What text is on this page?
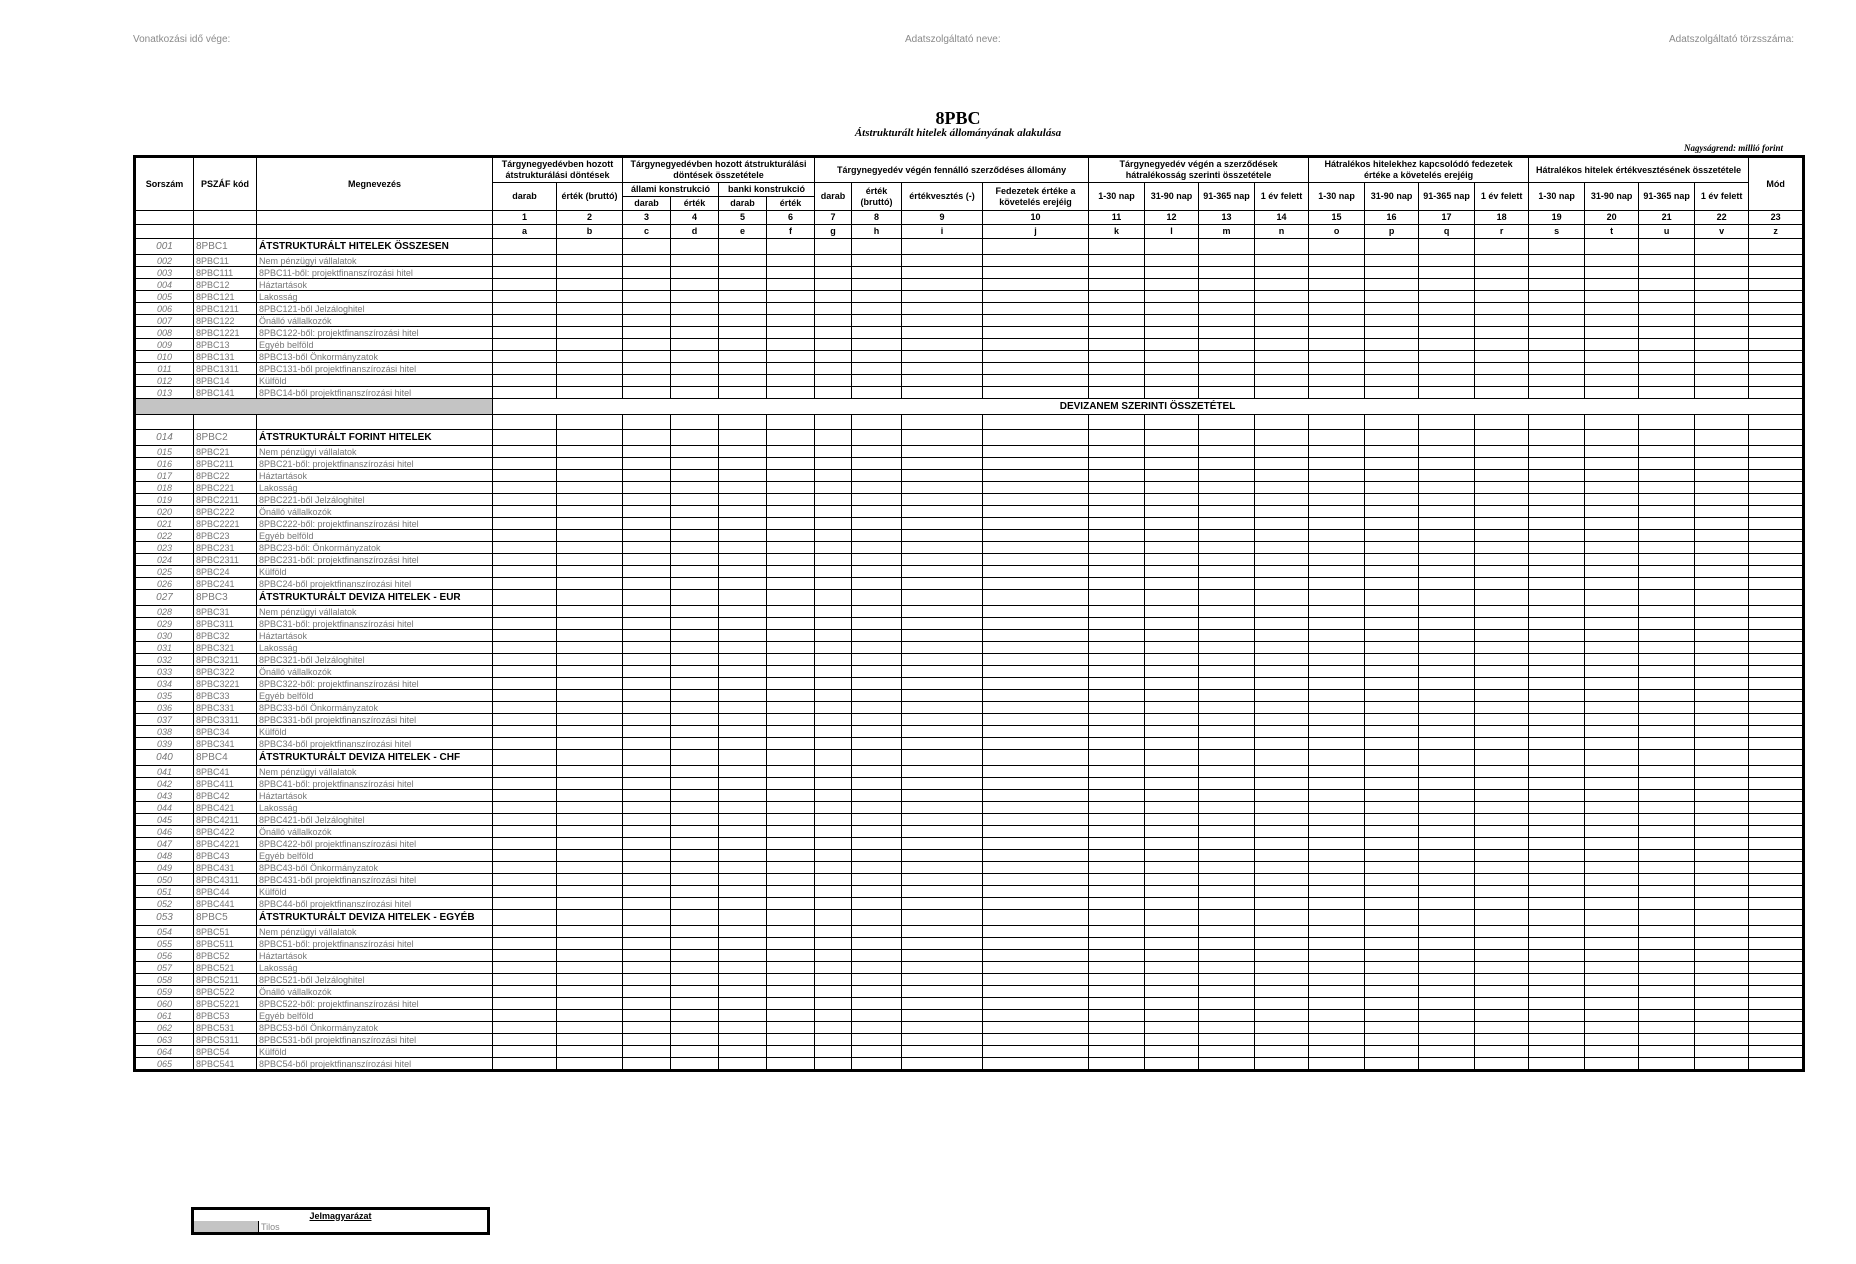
Vonatkozási idő vége:	Adatszolgáltató neve:	Adatszolgáltató törzsszáma:
8PBC
Átstrukturált hitelek állományának alakulása
Nagyságrend: millió forint
Sorszám	PSZÁF kód	Megnevezés	Tárgynegyedévben hozott átstrukturálási döntések		Tárgynegyedévben hozott átstrukturálási döntések összetétele				Tárgynegyedév végén fennálló szerződéses állomány				Tárgynegyedév végén a szerződések hátralékosság szerinti összetétele				Hátralékos hitelekhez kapcsolódó fedezetek értéke a követelés erejéig				Hátralékos hitelek értékvesztésének összetétele				Mód
			darab	érték (bruttó)	állami konstrukció		banki konstrukció		darab	érték (bruttó)	értékvesztés (-)	Fedezetek értéke a követelés erejéig	1-30 nap	31-90 nap	91-365 nap	1 év felett	1-30 nap	31-90 nap	91-365 nap	1 év felett	1-30 nap	31-90 nap	91-365 nap	1 év felett	
					darab	érték	darab	érték																	
			1	2	3	4	5	6	7	8	9	10	11	12	13	14	15	16	17	18	19	20	21	22	23
			a	b	c	d	e	f	g	h	i	j	k	l	m	n	o	p	q	r	s	t	u	v	z
001	8PBC1	ÁTSTRUKTURÁLT HITELEK ÖSSZESEN																							
002	8PBC11	Nem pénzügyi vállalatok																							
003	8PBC111	8PBC11-ből: projektfinanszírozási hitel																							
004	8PBC12	Háztartások																							
005	8PBC121	Lakosság																							
006	8PBC1211	8PBC121-ből Jelzáloghitel																							
007	8PBC122	Önálló vállalkozók																							
008	8PBC1221	8PBC122-ből: projektfinanszírozási hitel																							
009	8PBC13	Egyéb belföld																							
010	8PBC131	8PBC13-ből Önkormányzatok																							
011	8PBC1311	8PBC131-ből projektfinanszírozási hitel																							
012	8PBC14	Külföld																							
013	8PBC141	8PBC14-ből projektfinanszírozási hitel																							
			DEVIZANEM SZERINTI ÖSSZETÉTEL																						

014	8PBC2	ÁTSTRUKTURÁLT FORINT HITELEK																							
015	8PBC21	Nem pénzügyi vállalatok																							
016	8PBC211	8PBC21-ből: projektfinanszírozási hitel																							
017	8PBC22	Háztartások																							
018	8PBC221	Lakosság																							
019	8PBC2211	8PBC221-ből Jelzáloghitel																							
020	8PBC222	Önálló vállalkozók																							
021	8PBC2221	8PBC222-ből: projektfinanszírozási hitel																							
022	8PBC23	Egyéb belföld																							
023	8PBC231	8PBC23-ből: Önkormányzatok																							
024	8PBC2311	8PBC231-ből: projektfinanszírozási hitel																							
025	8PBC24	Külföld																							
026	8PBC241	8PBC24-ből projektfinanszírozási hitel																							
027	8PBC3	ÁTSTRUKTURÁLT DEVIZA HITELEK - EUR																							
028	8PBC31	Nem pénzügyi vállalatok																							
029	8PBC311	8PBC31-ből: projektfinanszírozási hitel																							
030	8PBC32	Háztartások																							
031	8PBC321	Lakosság																							
032	8PBC3211	8PBC321-ből Jelzáloghitel																							
033	8PBC322	Önálló vállalkozók																							
034	8PBC3221	8PBC322-ből: projektfinanszírozási hitel																							
035	8PBC33	Egyéb belföld																							
036	8PBC331	8PBC33-ből Önkormányzatok																							
037	8PBC3311	8PBC331-ből projektfinanszírozási hitel																							
038	8PBC34	Külföld																							
039	8PBC341	8PBC34-ből projektfinanszírozási hitel																							
040	8PBC4	ÁTSTRUKTURÁLT DEVIZA HITELEK - CHF																							
041	8PBC41	Nem pénzügyi vállalatok																							
042	8PBC411	8PBC41-ből: projektfinanszírozási hitel																							
043	8PBC42	Háztartások																							
044	8PBC421	Lakosság																							
045	8PBC4211	8PBC421-ből Jelzáloghitel																							
046	8PBC422	Önálló vállalkozók																							
047	8PBC4221	8PBC422-ből projektfinanszírozási hitel																							
048	8PBC43	Egyéb belföld																							
049	8PBC431	8PBC43-ből Önkormányzatok																							
050	8PBC4311	8PBC431-ből projektfinanszírozási hitel																							
051	8PBC44	Külföld																							
052	8PBC441	8PBC44-ből projektfinanszírozási hitel																							
053	8PBC5	ÁTSTRUKTURÁLT DEVIZA HITELEK - EGYÉB																							
054	8PBC51	Nem pénzügyi vállalatok																							
055	8PBC511	8PBC51-ből: projektfinanszírozási hitel																							
056	8PBC52	Háztartások																							
057	8PBC521	Lakosság																							
058	8PBC5211	8PBC521-ből Jelzáloghitel																							
059	8PBC522	Önálló vállalkozók																							
060	8PBC5221	8PBC522-ből: projektfinanszírozási hitel																							
061	8PBC53	Egyéb belföld																							
062	8PBC531	8PBC53-ből Önkormányzatok																							
063	8PBC5311	8PBC531-ből projektfinanszírozási hitel																							
064	8PBC54	Külföld																							
065	8PBC541	8PBC54-ből projektfinanszírozási hitel																							
Jelmagyarázat
	Tilos
